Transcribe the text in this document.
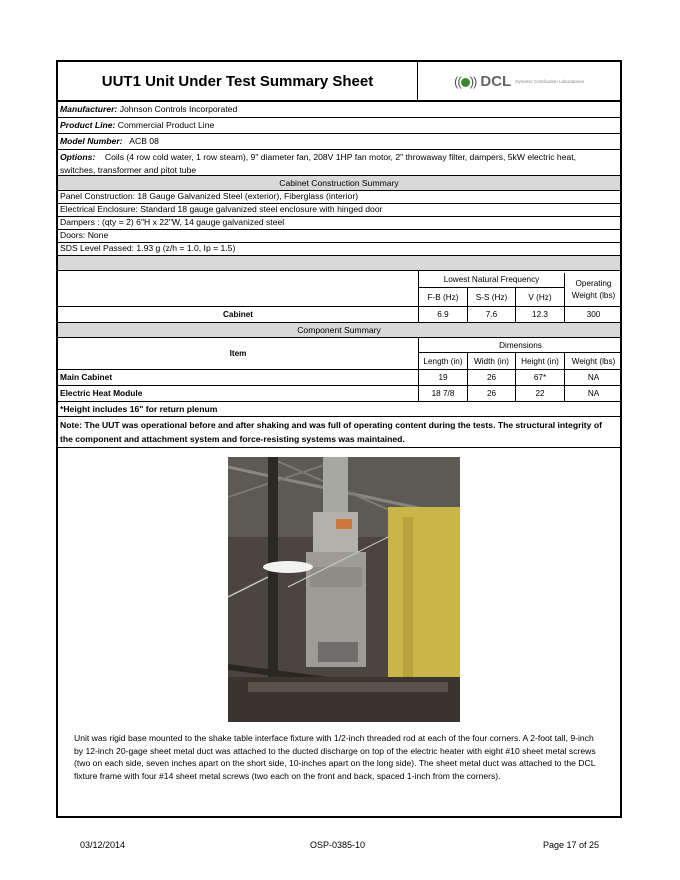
UUT1 Unit Under Test Summary Sheet	(( )) DCL Dynamic Certification Laboratories
Manufacturer: Johnson Controls Incorporated
Product Line: Commercial Product Line
Model Number: ACB 08
Options: Coils (4 row cold water, 1 row steam), 9" diameter fan, 208V 1HP fan motor, 2" throwaway filter, dampers, 5kW electric heat,
switches, transformer and pitot tube
Cabinet Construction Summary
Panel Construction: 18 Gauge Galvanized Steel (exterior), Fiberglass (interior)
Electrical Enclosure: Standard 18 gauge galvanized steel enclosure with hinged door
Dampers : (qty = 2) 6"H x 22"W, 14 gauge galvanized steel
Doors: None
SDS Level Passed: 1.93 g (z/h = 1.0, Ip = 1.5)
Lowest Natural Frequency
F-B (Hz)	S-S (Hz)	V (Hz)
Operating
Weight (lbs)
Cabinet	6.9	7.6	12.3	300
Component Summary
Item
Dimensions
Length (in)	Width (in)	Height (in)	Weight (lbs)
Main Cabinet	19	26	67*	NA
Electric Heat Module	18 7/8	26	22	NA
*Height includes 16" for return plenum
Note: The UUT was operational before and after shaking and was full of operating content during the tests. The structural integrity of
the component and attachment system and force-resisting systems was maintained.
Unit was rigid base mounted to the shake table interface fixture with 1/2-inch threaded rod at each of the four corners. A 2-foot tall, 9-inch by 12-inch 20-gage sheet metal duct was attached to the ducted discharge on top of the electric heater with eight #10 sheet metal screws (two on each side, seven inches apart on the short side, 10-inches apart on the long side). The sheet metal duct was attached to the DCL fixture frame with four #14 sheet metal screws (two each on the front and back, spaced 1-inch from the corners).
03/12/2014	OSP-0385-10	Page 17 of 25
